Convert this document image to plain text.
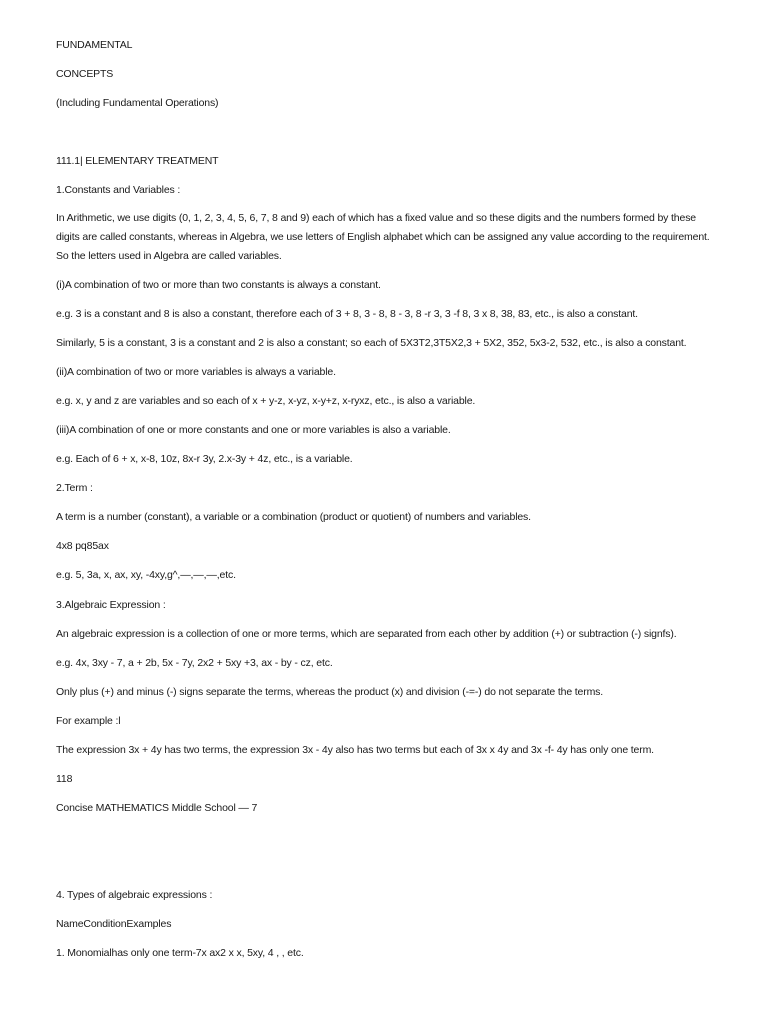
FUNDAMENTAL
CONCEPTS
(Including Fundamental Operations)
111.1| ELEMENTARY TREATMENT
1.Constants and Variables :
In Arithmetic, we use digits (0, 1, 2, 3, 4, 5, 6, 7, 8 and 9) each of which has a fixed value and so these digits and the numbers formed by these digits are called constants, whereas in Algebra, we use letters of English alphabet which can be assigned any value according to the requirement. So the letters used in Algebra are called variables.
(i)A combination of two or more than two constants is always a constant.
e.g. 3 is a constant and 8 is also a constant, therefore each of 3 + 8, 3 - 8, 8 - 3, 8 -r 3, 3 -f 8, 3 x 8, 38, 83, etc., is also a constant.
Similarly, 5 is a constant, 3 is a constant and 2 is also a constant; so each of 5X3T2,3T5X2,3 + 5X2, 352, 5x3-2, 532, etc., is also a constant.
(ii)A combination of two or more variables is always a variable.
e.g. x, y and z are variables and so each of x + y-z, x-yz, x-y+z, x-ryxz, etc., is also a variable.
(iii)A combination of one or more constants and one or more variables is also a variable.
e.g. Each of 6 + x, x-8, 10z, 8x-r 3y, 2.x-3y + 4z, etc., is a variable.
2.Term :
A term is a number (constant), a variable or a combination (product or quotient) of numbers and variables.
4x8 pq85ax
e.g. 5, 3a, x, ax, xy, -4xy,g^,—,—,—,etc.
3.Algebraic Expression :
An algebraic expression is a collection of one or more terms, which are separated from each other by addition (+) or subtraction (-) signfs).
e.g. 4x, 3xy - 7, a + 2b, 5x - 7y, 2x2 + 5xy +3, ax - by - cz, etc.
Only plus (+) and minus (-) signs separate the terms, whereas the product (x) and division (-=-) do not separate the terms.
For example :l
The expression 3x + 4y has two terms, the expression 3x - 4y also has two terms but each of 3x x 4y and 3x -f- 4y has only one term.
118
Concise MATHEMATICS Middle School — 7
4. Types of algebraic expressions :
NameConditionExamples
1. Monomialhas only one term-7x ax2 x x, 5xy, 4 , , etc.
